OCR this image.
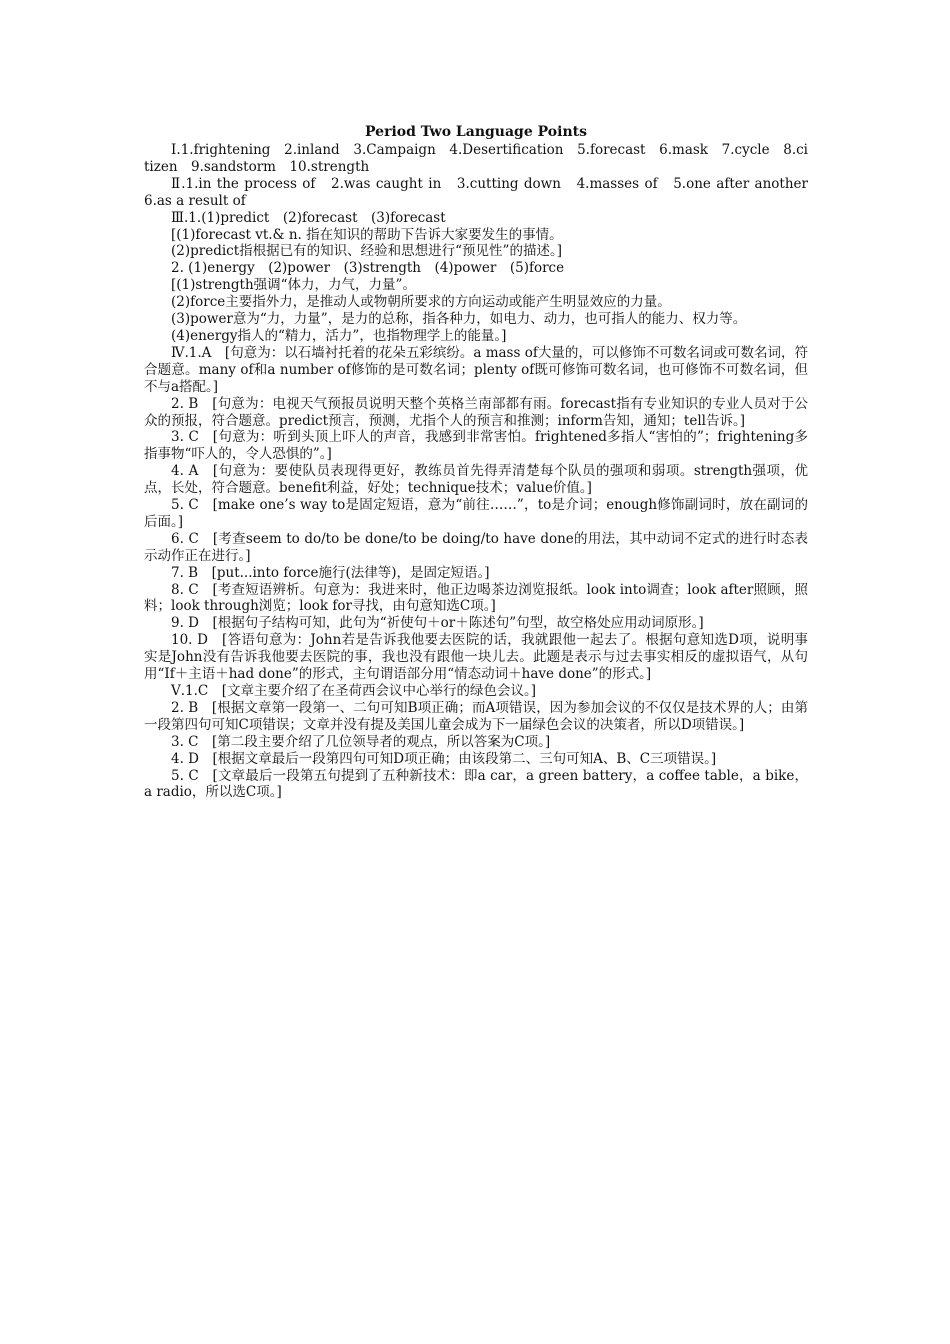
Period Two Language Points

Ⅰ.1.frightening　2.inland　3.Campaign　4.Desertification　5.forecast　6.mask　7.cycle　8.citizen　9.sandstorm　10.strength

Ⅱ.1.in the process of　2.was caught in　3.cutting down　4.masses of　5.one after another　6.as a result of

Ⅲ.1.(1)predict　(2)forecast　(3)forecast

[(1)forecast vt.& n. 指在知识的帮助下告诉大家要发生的事情。

(2)predict指根据已有的知识、经验和思想进行“预见性”的描述。]

2. (1)energy　(2)power　(3)strength　(4)power　(5)force

[(1)strength强调“体力，力气，力量”。

(2)force主要指外力，是推动人或物朝所要求的方向运动或能产生明显效应的力量。

(3)power意为“力，力量”，是力的总称，指各种力，如电力、动力，也可指人的能力、权力等。

(4)energy指人的“精力，活力”，也指物理学上的能量。]

Ⅳ.1.A　[句意为：以石墙衬托着的花朵五彩缤纷。a mass of大量的，可以修饰不可数名词或可数名词，符合题意。many of和a number of修饰的是可数名词；plenty of既可修饰可数名词，也可修饰不可数名词，但不与a搭配。]

2. B　[句意为：电视天气预报员说明天整个英格兰南部都有雨。forecast指有专业知识的专业人员对于公众的预报，符合题意。predict预言，预测，尤指个人的预言和推测；inform告知，通知；tell告诉。]

3. C　[句意为：听到头顶上吓人的声音，我感到非常害怕。frightened多指人“害怕的”；frightening多指事物“吓人的，令人恐惧的”。]

4. A　[句意为：要使队员表现得更好，教练员首先得弄清楚每个队员的强项和弱项。strength强项，优点，长处，符合题意。benefit利益，好处；technique技术；value价值。]

5. C　[make one’s way to是固定短语，意为“前往……”，to是介词；enough修饰副词时，放在副词的后面。]

6. C　[考查seem to do/to be done/to be doing/to have done的用法，其中动词不定式的进行时态表示动作正在进行。]

7. B　[put...into force施行(法律等)，是固定短语。]

8. C　[考查短语辨析。句意为：我进来时，他正边喝茶边浏览报纸。look into调查；look after照顾，照料；look through浏览；look for寻找，由句意知选C项。]

9. D　[根据句子结构可知，此句为“祈使句＋or＋陈述句”句型，故空格处应用动词原形。]

10. D　[答语句意为：John若是告诉我他要去医院的话，我就跟他一起去了。根据句意知选D项，说明事实是John没有告诉我他要去医院的事，我也没有跟他一块儿去。此题是表示与过去事实相反的虚拟语气，从句用“If＋主语＋had done”的形式，主句谓语部分用“情态动词＋have done”的形式。]

Ⅴ.1.C　[文章主要介绍了在圣荷西会议中心举行的绿色会议。]

2. B　[根据文章第一段第一、二句可知B项正确；而A项错误，因为参加会议的不仅仅是技术界的人；由第一段第四句可知C项错误；文章并没有提及美国儿童会成为下一届绿色会议的决策者，所以D项错误。]

3. C　[第二段主要介绍了几位领导者的观点，所以答案为C项。]

4. D　[根据文章最后一段第四句可知D项正确；由该段第二、三句可知A、B、C三项错误。]

5. C　[文章最后一段第五句提到了五种新技术：即a car，a green battery，a coffee table，a bike，a radio，所以选C项。]
